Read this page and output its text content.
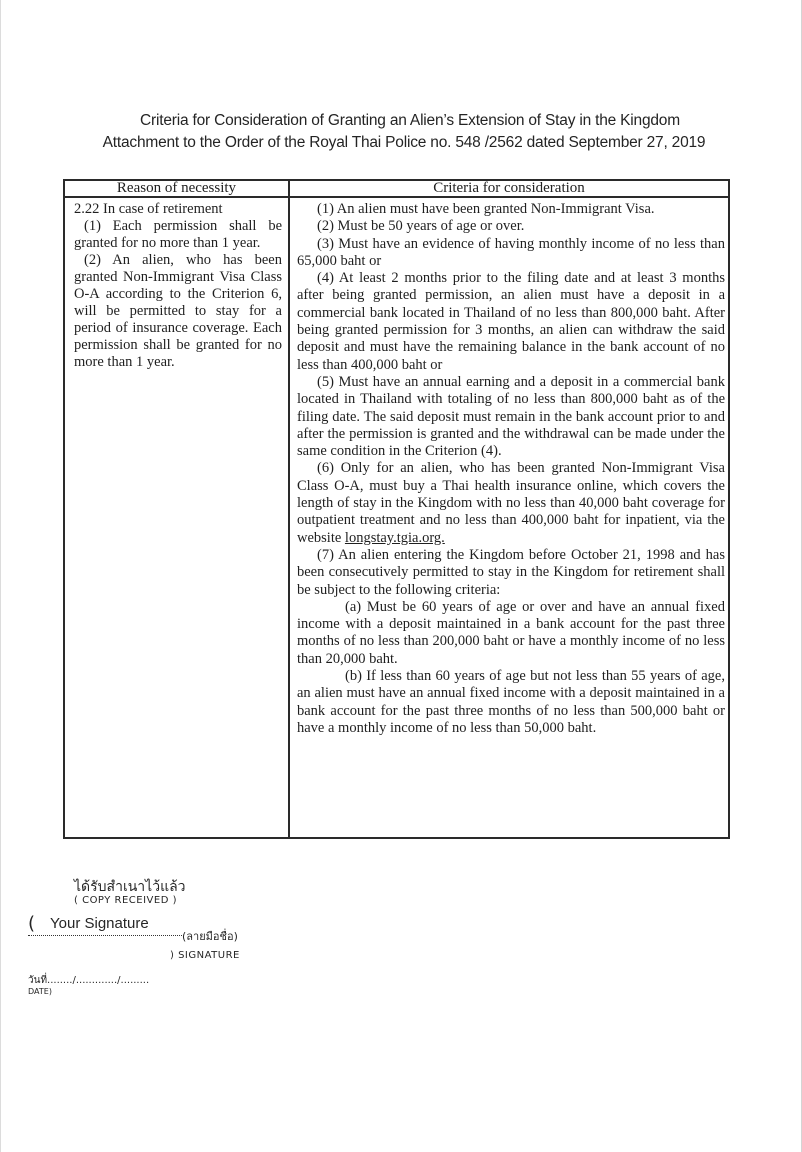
Criteria for Consideration of Granting an Alien’s Extension of Stay in the Kingdom
Attachment to the Order of the Royal Thai Police no. 548 /2562 dated September 27, 2019
Reason of necessity	Criteria for consideration

2.22 In case of retirement

(1) Each permission shall be granted for no more than 1 year.

(2) An alien, who has been granted Non-Immigrant Visa Class O-A according to the Criterion 6, will be permitted to stay for a period of insurance coverage. Each permission shall be granted for no more than 1 year.

(1) An alien must have been granted Non-Immigrant Visa.

(2) Must be 50 years of age or over.

(3) Must have an evidence of having monthly income of no less than 65,000 baht or

(4) At least 2 months prior to the filing date and at least 3 months after being granted permission, an alien must have a deposit in a commercial bank located in Thailand of no less than 800,000 baht. After being granted permission for 3 months, an alien can withdraw the said deposit and must have the remaining balance in the bank account of no less than 400,000 baht or

(5) Must have an annual earning and a deposit in a commercial bank located in Thailand with totaling of no less than 800,000 baht as of the filing date. The said deposit must remain in the bank account prior to and after the permission is granted and the withdrawal can be made under the same condition in the Criterion (4).

(6) Only for an alien, who has been granted Non-Immigrant Visa Class O-A, must buy a Thai health insurance online, which covers the length of stay in the Kingdom with no less than 40,000 baht coverage for outpatient treatment and no less than 400,000 baht for inpatient, via the website longstay.tgia.org.

(7) An alien entering the Kingdom before October 21, 1998 and has been consecutively permitted to stay in the Kingdom for retirement shall be subject to the following criteria:

(a) Must be 60 years of age or over and have an annual fixed income with a deposit maintained in a bank account for the past three months of no less than 200,000 baht or have a monthly income of no less than 20,000 baht.

(b) If less than 60 years of age but not less than 55 years of age, an alien must have an annual fixed income with a deposit maintained in a bank account for the past three months of no less than 500,000 baht or have a monthly income of no less than 50,000 baht.

ได้รับสำเนาไว้แล้ว
( COPY RECEIVED )
( Your Signature
(ลายมือชื่อ)
) SIGNATURE
วันที่......../............./.........
DATE)
